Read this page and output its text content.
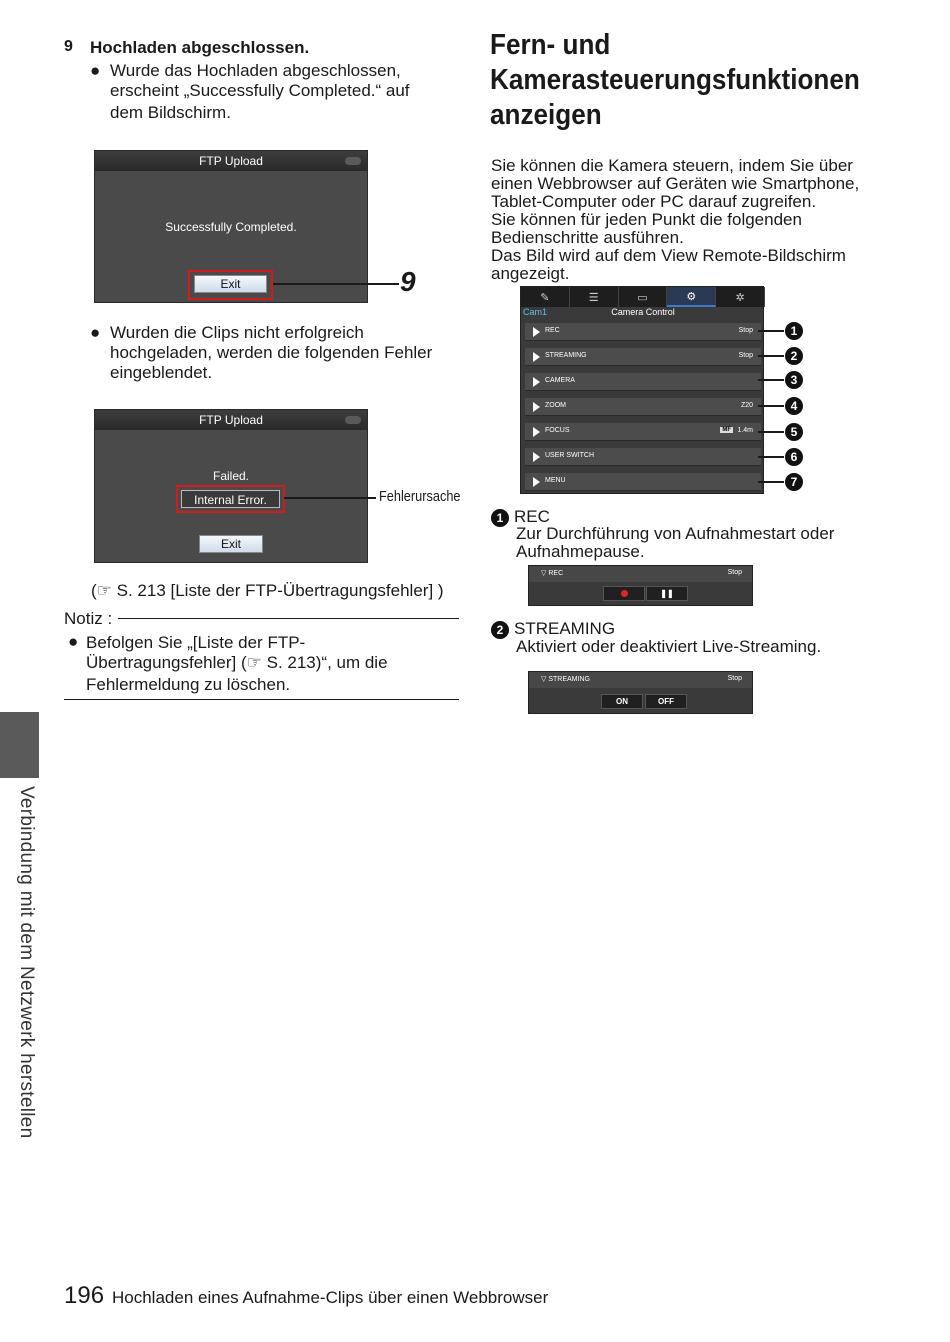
9 Hochladen abgeschlossen.
● Wurde das Hochladen abgeschlossen,
erscheint „Successfully Completed.“ auf
dem Bildschirm.
FTP Upload
Successfully Completed.
Exit	9
● Wurden die Clips nicht erfolgreich
hochgeladen, werden die folgenden Fehler
eingeblendet.
FTP Upload
Failed.
Internal Error.
Exit
Fehlerursache
(☞ S. 213 [Liste der FTP-Übertragungsfehler] )
Notiz :
● Befolgen Sie „[Liste der FTP-
Übertragungsfehler] (☞ S. 213)“, um die
Fehlermeldung zu löschen.
Fern- und
Kamerasteuerungsfunktionen
anzeigen
Sie können die Kamera steuern, indem Sie über
einen Webbrowser auf Geräten wie Smartphone,
Tablet-Computer oder PC darauf zugreifen.
Sie können für jeden Punkt die folgenden
Bedienschritte ausführen.
Das Bild wird auf dem View Remote-Bildschirm
angezeigt.
✎	☰	▭	⚙	✲
Cam1	Camera Control
REC	Stop
STREAMING	Stop
CAMERA
ZOOM	Z20
FOCUS	MF 1.4m
USER SWITCH
MENU
1
2
3
4
5
6
7
1 REC
Zur Durchführung von Aufnahmestart oder
Aufnahmepause.
▽ REC	Stop
❚❚
2 STREAMING
Aktiviert oder deaktiviert Live-Streaming.
▽ STREAMING	Stop
ON	OFF
Verbindung mit dem Netzwerk herstellen
196 Hochladen eines Aufnahme-Clips über einen Webbrowser
